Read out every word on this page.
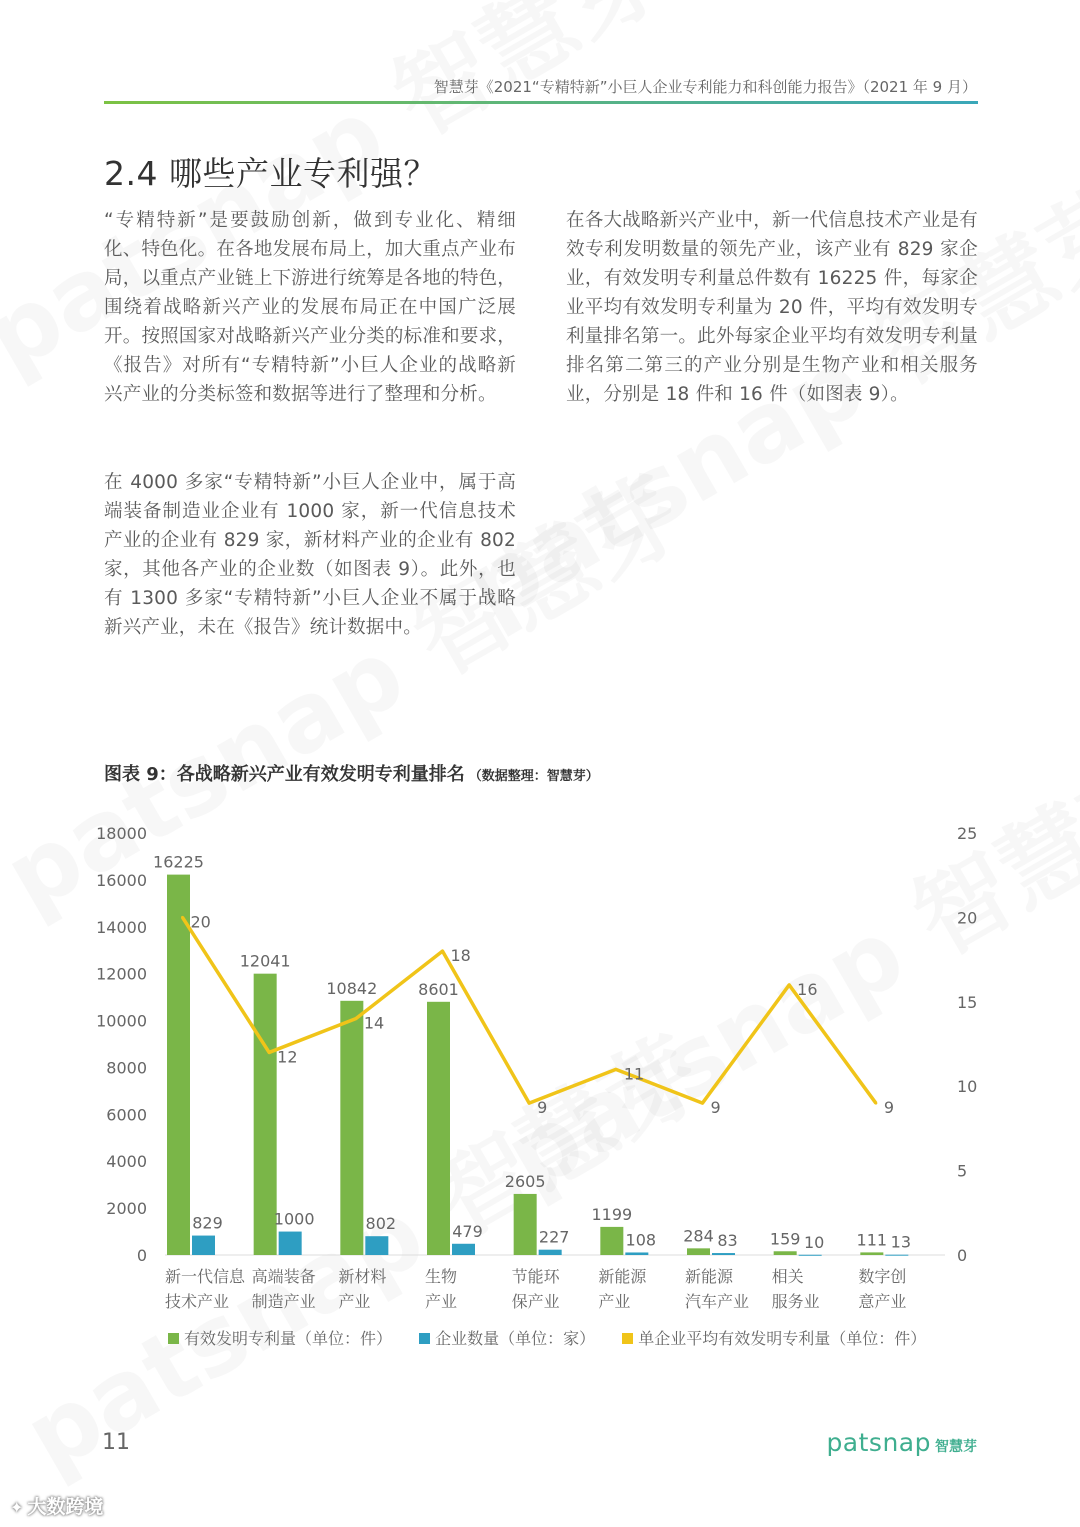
智慧芽《2021“专精特新”小巨人企业专利能力和科创能力报告》（2021 年 9 月）
2.4 哪些产业专利强？

“专精特新”是要鼓励创新，做到专业化、精细化、特色化。在各地发展布局上，加大重点产业布局，以重点产业链上下游进行统筹是各地的特色，围绕着战略新兴产业的发展布局正在中国广泛展开。按照国家对战略新兴产业分类的标准和要求，《报告》对所有“专精特新”小巨人企业的战略新兴产业的分类标签和数据等进行了整理和分析。

在 4000 多家“专精特新”小巨人企业中，属于高端装备制造业企业有 1000 家，新一代信息技术产业的企业有 829 家，新材料产业的企业有 802家，其他各产业的企业数（如图表 9）。此外，也有 1300 多家“专精特新”小巨人企业不属于战略新兴产业，未在《报告》统计数据中。

在各大战略新兴产业中，新一代信息技术产业是有效专利发明数量的领先产业，该产业有 829 家企业，有效发明专利量总件数有 16225 件，每家企业平均有效发明专利量为 20 件，平均有效发明专利量排名第一。此外每家企业平均有效发明专利量排名第二第三的产业分别是生物产业和相关服务业，分别是 18 件和 16 件（如图表 9）。

图表 9：各战略新兴产业有效发明专利量排名 （数据整理：智慧芽）
0
2000
4000
6000
8000
10000
12000
14000
16000
18000
0
5
10
15
20
25
16225
829
新一代信息
技术产业
12041
1000
高端装备
制造产业
10842
802
新材料
产业
8601
479
生物
产业
2605
227
节能环
保产业
1199
108
新能源
产业
284 83
新能源
汽车产业
159 10
相关
服务业
111 13
数字创
意产业
20
12
14
18
9
11
9
16
9
有效发明专利量（单位：件）	企业数量（单位：家）	单企业平均有效发明专利量（单位：件）
11	patsnap 智慧芽
✦ 大数跨境
